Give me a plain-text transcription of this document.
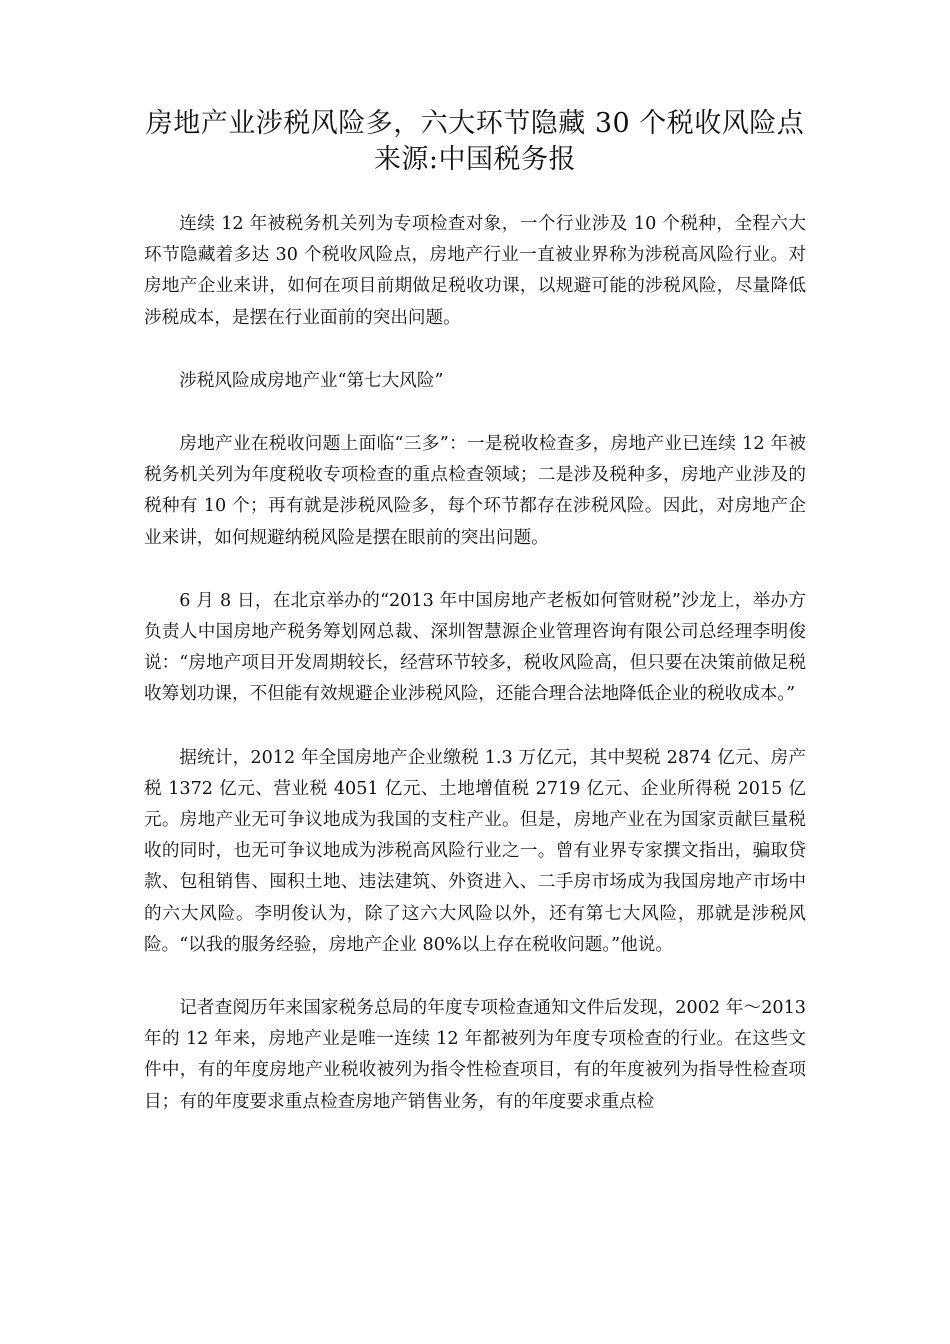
房地产业涉税风险多，六大环节隐藏 30 个税收风险点
来源:中国税务报

连续 12 年被税务机关列为专项检查对象，一个行业涉及 10 个税种，全程六大环节隐藏着多达 30 个税收风险点，房地产行业一直被业界称为涉税高风险行业。对房地产企业来讲，如何在项目前期做足税收功课，以规避可能的涉税风险，尽量降低涉税成本，是摆在行业面前的突出问题。

涉税风险成房地产业“第七大风险”

房地产业在税收问题上面临“三多”：一是税收检查多，房地产业已连续 12 年被税务机关列为年度税收专项检查的重点检查领域；二是涉及税种多，房地产业涉及的税种有 10 个；再有就是涉税风险多，每个环节都存在涉税风险。因此，对房地产企业来讲，如何规避纳税风险是摆在眼前的突出问题。

6 月 8 日，在北京举办的“2013 年中国房地产老板如何管财税”沙龙上，举办方负责人中国房地产税务筹划网总裁、深圳智慧源企业管理咨询有限公司总经理李明俊说：“房地产项目开发周期较长，经营环节较多，税收风险高，但只要在决策前做足税收筹划功课，不但能有效规避企业涉税风险，还能合理合法地降低企业的税收成本。”

据统计，2012 年全国房地产企业缴税 1.3 万亿元，其中契税 2874 亿元、房产税 1372 亿元、营业税 4051 亿元、土地增值税 2719 亿元、企业所得税 2015 亿元。房地产业无可争议地成为我国的支柱产业。但是，房地产业在为国家贡献巨量税收的同时，也无可争议地成为涉税高风险行业之一。曾有业界专家撰文指出，骗取贷款、包租销售、囤积土地、违法建筑、外资进入、二手房市场成为我国房地产市场中的六大风险。李明俊认为，除了这六大风险以外，还有第七大风险，那就是涉税风险。“以我的服务经验，房地产企业 80%以上存在税收问题。”他说。

记者查阅历年来国家税务总局的年度专项检查通知文件后发现，2002 年～2013 年的 12 年来，房地产业是唯一连续 12 年都被列为年度专项检查的行业。在这些文件中，有的年度房地产业税收被列为指令性检查项目，有的年度被列为指导性检查项目；有的年度要求重点检查房地产销售业务，有的年度要求重点检
